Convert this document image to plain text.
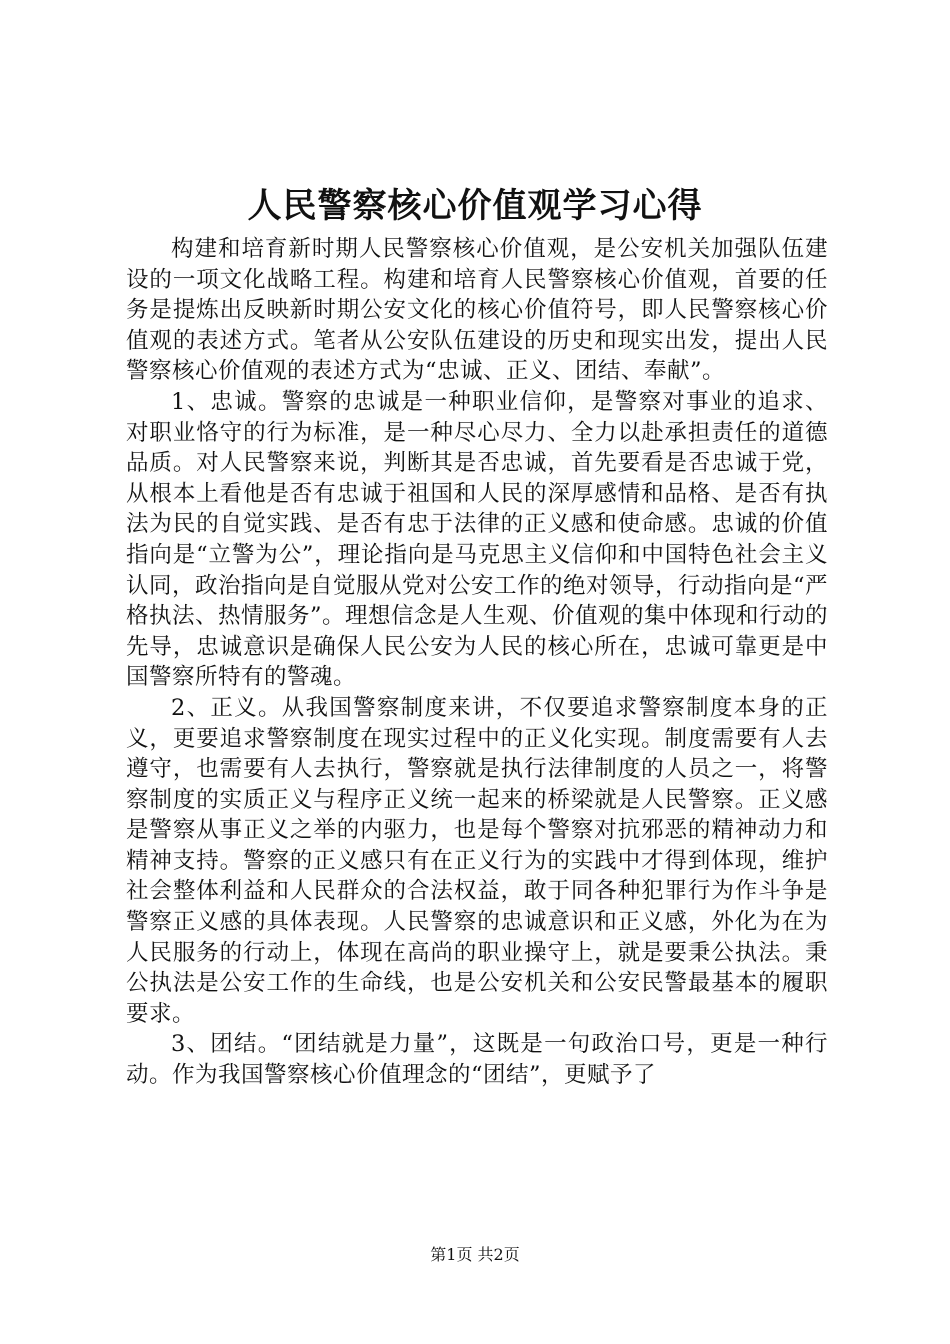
人民警察核心价值观学习心得

构建和培育新时期人民警察核心价值观，是公安机关加强队伍建设的一项文化战略工程。构建和培育人民警察核心价值观，首要的任务是提炼出反映新时期公安文化的核心价值符号，即人民警察核心价值观的表述方式。笔者从公安队伍建设的历史和现实出发，提出人民警察核心价值观的表述方式为“忠诚、正义、团结、奉献”。

1、忠诚。警察的忠诚是一种职业信仰，是警察对事业的追求、对职业恪守的行为标准，是一种尽心尽力、全力以赴承担责任的道德品质。对人民警察来说，判断其是否忠诚，首先要看是否忠诚于党，从根本上看他是否有忠诚于祖国和人民的深厚感情和品格、是否有执法为民的自觉实践、是否有忠于法律的正义感和使命感。忠诚的价值指向是“立警为公”，理论指向是马克思主义信仰和中国特色社会主义认同，政治指向是自觉服从党对公安工作的绝对领导，行动指向是“严格执法、热情服务”。理想信念是人生观、价值观的集中体现和行动的先导，忠诚意识是确保人民公安为人民的核心所在，忠诚可靠更是中国警察所特有的警魂。

2、正义。从我国警察制度来讲，不仅要追求警察制度本身的正义，更要追求警察制度在现实过程中的正义化实现。制度需要有人去遵守，也需要有人去执行，警察就是执行法律制度的人员之一，将警察制度的实质正义与程序正义统一起来的桥梁就是人民警察。正义感是警察从事正义之举的内驱力，也是每个警察对抗邪恶的精神动力和精神支持。警察的正义感只有在正义行为的实践中才得到体现，维护社会整体利益和人民群众的合法权益，敢于同各种犯罪行为作斗争是警察正义感的具体表现。人民警察的忠诚意识和正义感，外化为在为人民服务的行动上，体现在高尚的职业操守上，就是要秉公执法。秉公执法是公安工作的生命线，也是公安机关和公安民警最基本的履职要求。

3、团结。“团结就是力量”，这既是一句政治口号，更是一种行动。作为我国警察核心价值理念的“团结”，更赋予了

第1页 共2页
